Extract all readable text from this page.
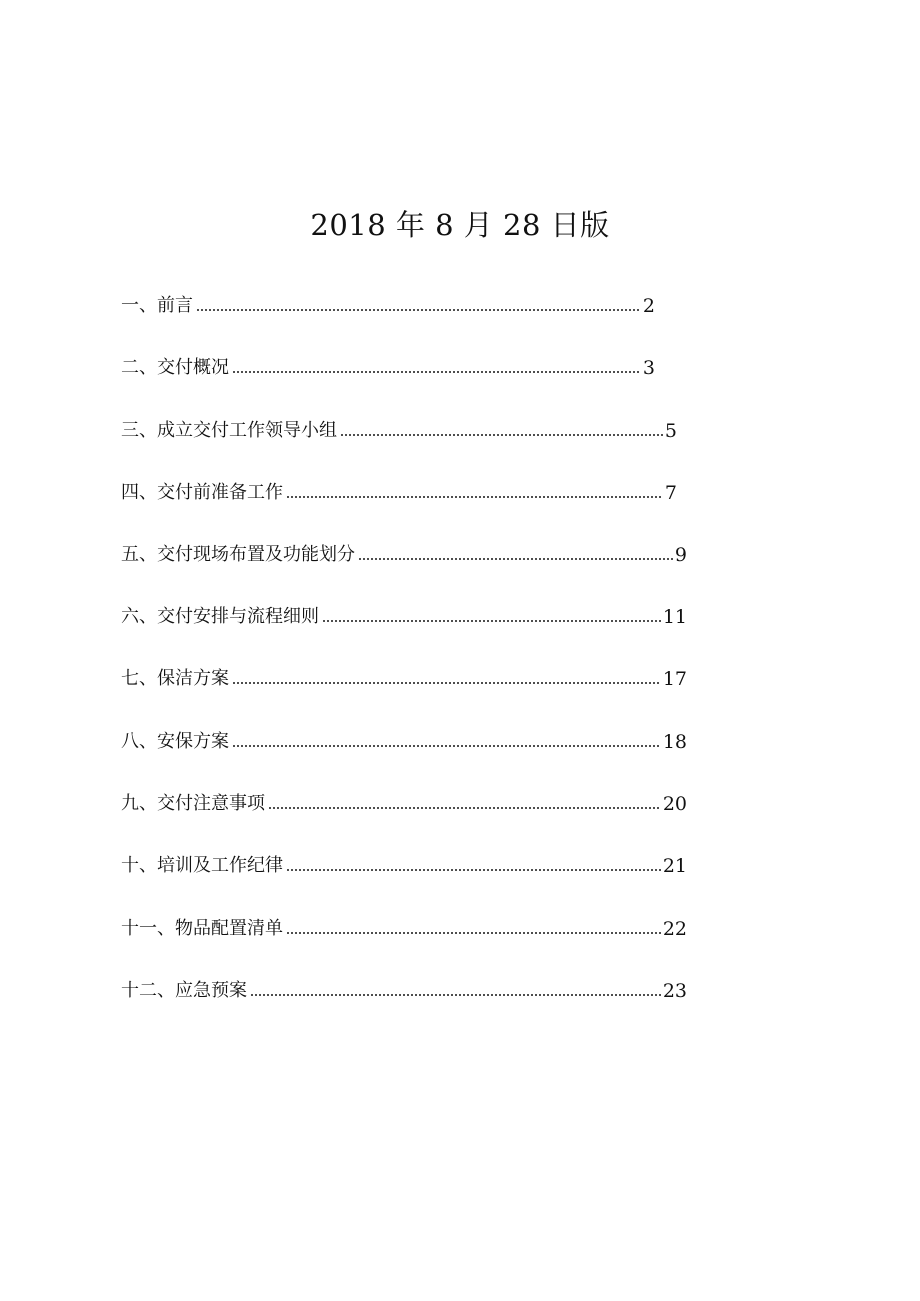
2018 年 8 月 28 日版
一、前言	2
二、交付概况	3
三、成立交付工作领导小组	5
四、交付前准备工作	7
五、交付现场布置及功能划分	9
六、交付安排与流程细则	11
七、保洁方案	17
八、安保方案	18
九、交付注意事项	20
十、培训及工作纪律	21
十一、物品配置清单	22
十二、应急预案	23
